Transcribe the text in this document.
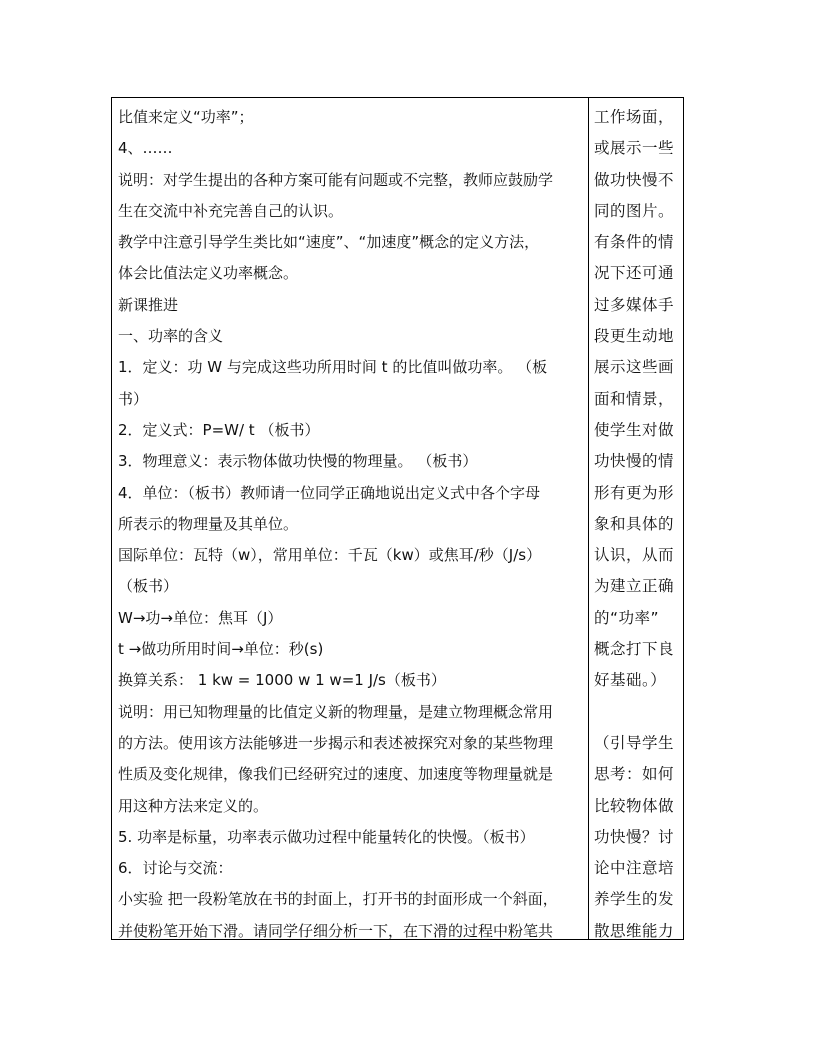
比值来定义“功率”；
4、……
说明：对学生提出的各种方案可能有问题或不完整，教师应鼓励学
生在交流中补充完善自己的认识。
教学中注意引导学生类比如“速度”、“加速度”概念的定义方法，
体会比值法定义功率概念。
新课推进
一、功率的含义
1．定义：功 W 与完成这些功所用时间 t 的比值叫做功率。 （板
书）
2．定义式：P=W/ t （板书）
3．物理意义：表示物体做功快慢的物理量。 （板书）
4．单位：（板书）教师请一位同学正确地说出定义式中各个字母
所表示的物理量及其单位。
国际单位：瓦特（w），常用单位：千瓦（kw）或焦耳/秒（J/s）
（板书）
W→功→单位：焦耳（J）
t →做功所用时间→单位：秒(s)
换算关系： 1 kw = 1000 w 1 w=1 J/s（板书）
说明：用已知物理量的比值定义新的物理量，是建立物理概念常用
的方法。使用该方法能够进一步揭示和表述被探究对象的某些物理
性质及变化规律，像我们已经研究过的速度、加速度等物理量就是
用这种方法来定义的。
5. 功率是标量，功率表示做功过程中能量转化的快慢。（板书）
6．讨论与交流：
小实验 把一段粉笔放在书的封面上，打开书的封面形成一个斜面，
并使粉笔开始下滑。请同学仔细分析一下，在下滑的过程中粉笔共
工作场面，
或展示一些
做功快慢不
同的图片。
有条件的情
况下还可通
过多媒体手
段更生动地
展示这些画
面和情景，
使学生对做
功快慢的情
形有更为形
象和具体的
认识，从而
为建立正确
的“功率”
概念打下良
好基础。）
（引导学生
思考：如何
比较物体做
功快慢？讨
论中注意培
养学生的发
散思维能力
